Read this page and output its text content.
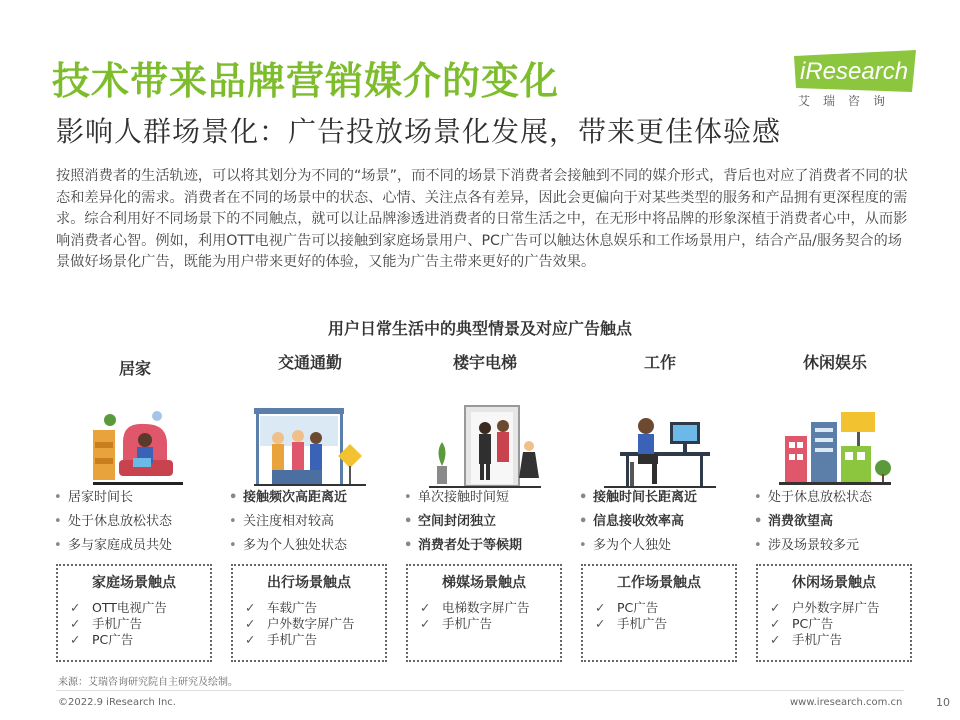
技术带来品牌营销媒介的变化
影响人群场景化：广告投放场景化发展，带来更佳体验感
iResearch
艾瑞咨询
按照消费者的生活轨迹，可以将其划分为不同的“场景”，而不同的场景下消费者会接触到不同的媒介形式，背后也对应了消费者不同的状态和差异化的需求。消费者在不同的场景中的状态、心情、关注点各有差异，因此会更偏向于对某些类型的服务和产品拥有更深程度的需求。综合利用好不同场景下的不同触点，就可以让品牌渗透进消费者的日常生活之中，在无形中将品牌的形象深植于消费者心中，从而影响消费者心智。例如，利用OTT电视广告可以接触到家庭场景用户、PC广告可以触达休息娱乐和工作场景用户，结合产品/服务契合的场景做好场景化广告，既能为用户带来更好的体验，又能为广告主带来更好的广告效果。
用户日常生活中的典型情景及对应广告触点
居家
• 居家时间长
• 处于休息放松状态
• 多与家庭成员共处
家庭场景触点
✓ OTT电视广告
✓ 手机广告
✓ PC广告
交通通勤
• 接触频次高距离近
• 关注度相对较高
• 多为个人独处状态
出行场景触点
✓ 车载广告
✓ 户外数字屏广告
✓ 手机广告
楼宇电梯
• 单次接触时间短
• 空间封闭独立
• 消费者处于等候期
梯媒场景触点
✓ 电梯数字屏广告
✓ 手机广告
工作
• 接触时间长距离近
• 信息接收效率高
• 多为个人独处
工作场景触点
✓ PC广告
✓ 手机广告
休闲娱乐
• 处于休息放松状态
• 消费欲望高
• 涉及场景较多元
休闲场景触点
✓ 户外数字屏广告
✓ PC广告
✓ 手机广告
来源：艾瑞咨询研究院自主研究及绘制。
©2022.9 iResearch Inc.	www.iresearch.com.cn	10
